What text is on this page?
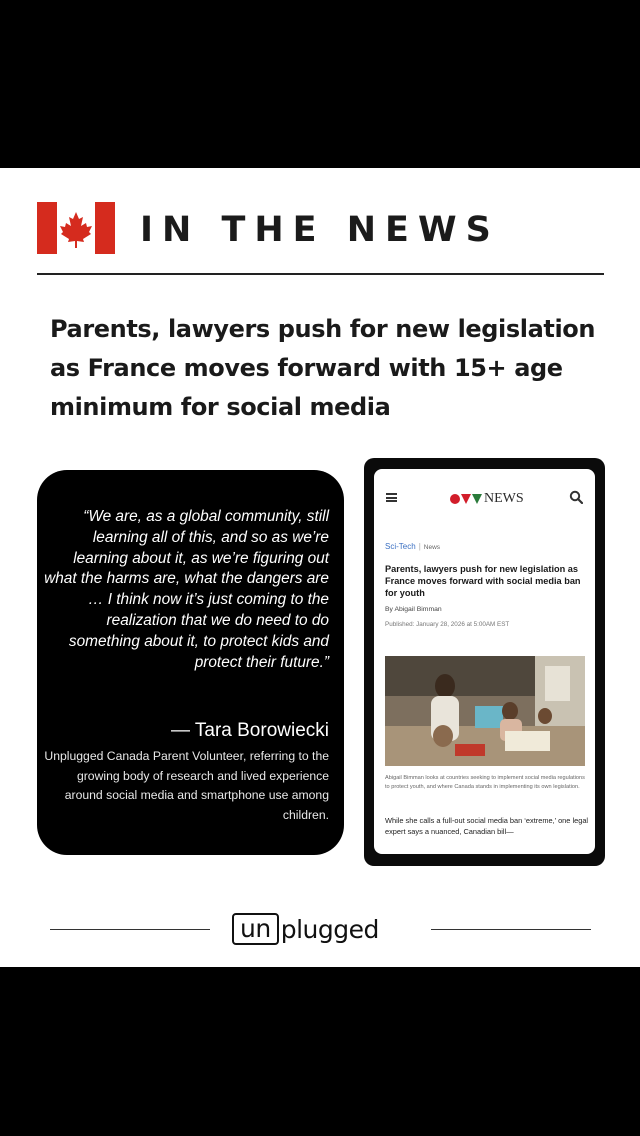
IN THE NEWS

Parents, lawyers push for new legislation as France moves forward with 15+ age minimum for social media

“We are, as a global community, still learning all of this, and so as we’re learning about it, as we’re figuring out what the harms are, what the dangers are … I think now it’s just coming to the realization that we do need to do something about it, to protect kids and protect their future.”

— Tara Borowiecki

Unplugged Canada Parent Volunteer, referring to the growing body of research and lived experience around social media and smartphone use among children.

NEWS
Sci-Tech | News

Parents, lawyers push for new legislation as France moves forward with social media ban for youth

By Abigail Bimman
Published: January 28, 2026 at 5:00AM EST

Abigail Bimman looks at countries seeking to implement social media regulations to protect youth, and where Canada stands in implementing its own legislation.

While she calls a full-out social media ban ‘extreme,’ one legal expert says a nuanced, Canadian bill—

un plugged
